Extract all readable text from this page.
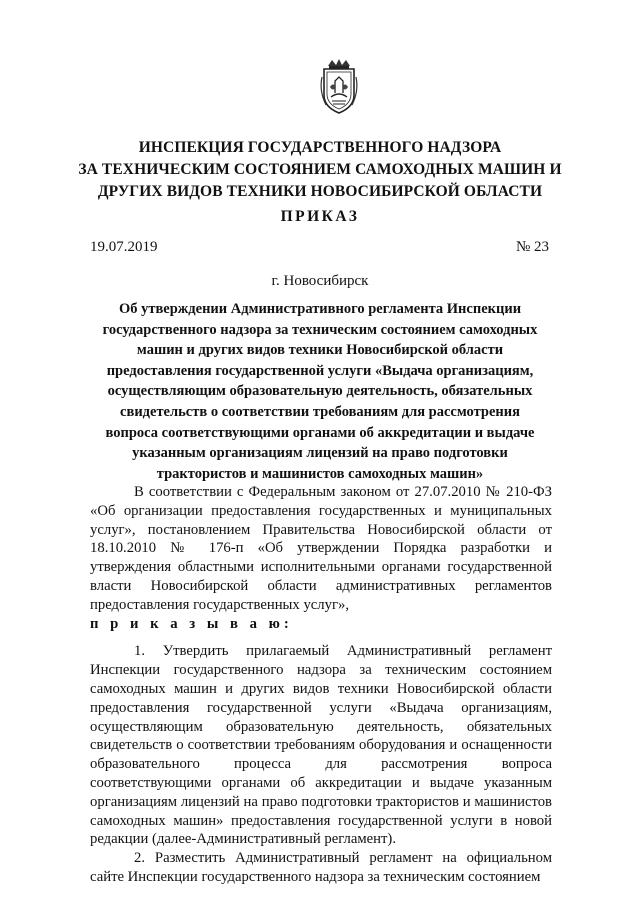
ИНСПЕКЦИЯ ГОСУДАРСТВЕННОГО НАДЗОРА
ЗА ТЕХНИЧЕСКИМ СОСТОЯНИЕМ САМОХОДНЫХ МАШИН И
ДРУГИХ ВИДОВ ТЕХНИКИ НОВОСИБИРСКОЙ ОБЛАСТИ
ПРИКАЗ
19.07.2019	№ 23
г. Новосибирск
Об утверждении Административного регламента Инспекции государственного надзора за техническим состоянием самоходных машин и других видов техники Новосибирской области предоставления государственной услуги «Выдача организациям, осуществляющим образовательную деятельность, обязательных свидетельств о соответствии требованиям для рассмотрения вопроса соответствующими органами об аккредитации и выдаче указанным организациям лицензий на право подготовки трактористов и машинистов самоходных машин»

В соответствии с Федеральным законом от 27.07.2010 № 210-ФЗ «Об организации предоставления государственных и муниципальных услуг», постановлением Правительства Новосибирской области от 18.10.2010 № 176-п «Об утверждении Порядка разработки и утверждения областными исполнительными органами государственной власти Новосибирской области административных регламентов предоставления государственных услуг»,

п р и к а з ы в а ю:

1. Утвердить прилагаемый Административный регламент Инспекции государственного надзора за техническим состоянием самоходных машин и других видов техники Новосибирской области предоставления государственной услуги «Выдача организациям, осуществляющим образовательную деятельность, обязательных свидетельств о соответствии требованиям оборудования и оснащенности образовательного процесса для рассмотрения вопроса соответствующими органами об аккредитации и выдаче указанным организациям лицензий на право подготовки трактористов и машинистов самоходных машин» предоставления государственной услуги в новой редакции (далее-Административный регламент).

2. Разместить Административный регламент на официальном сайте Инспекции государственного надзора за техническим состоянием
